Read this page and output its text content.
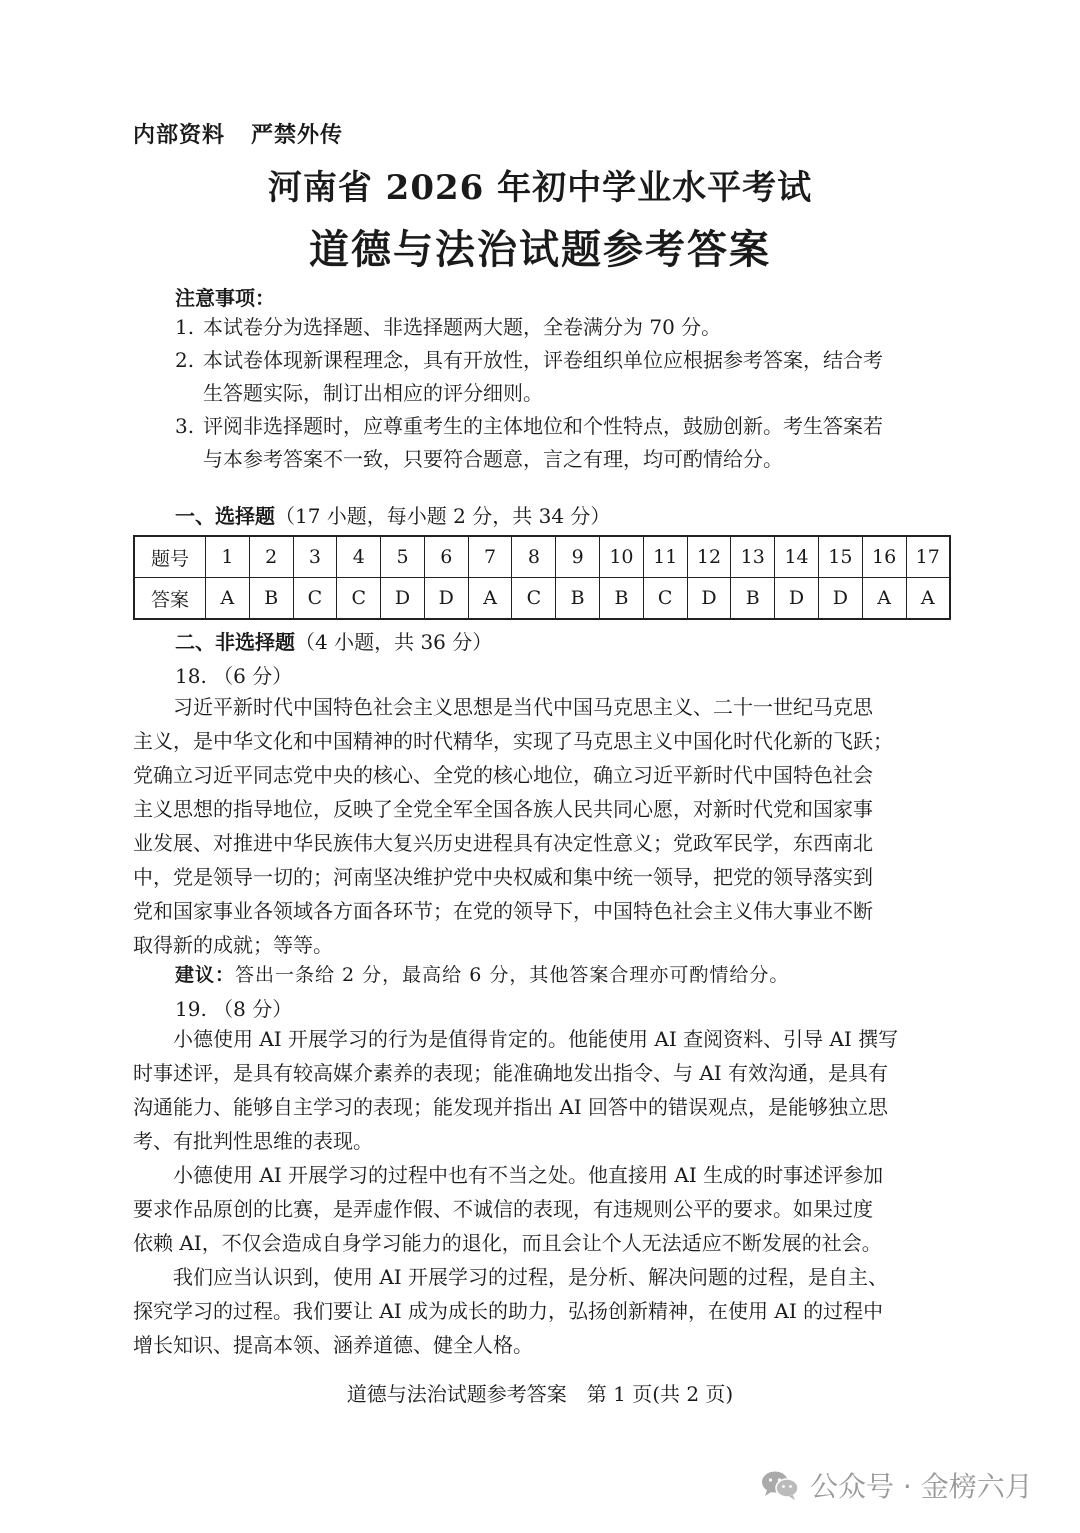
内部资料 严禁外传
河南省 2026 年初中学业水平考试
道德与法治试题参考答案
注意事项：
1. 本试卷分为选择题、非选择题两大题，全卷满分为 70 分。
2. 本试卷体现新课程理念，具有开放性，评卷组织单位应根据参考答案，结合考
生答题实际，制订出相应的评分细则。
3. 评阅非选择题时，应尊重考生的主体地位和个性特点，鼓励创新。考生答案若
与本参考答案不一致，只要符合题意，言之有理，均可酌情给分。
一、选择题（17 小题，每小题 2 分，共 34 分）
题号	1	2	3	4	5	6	7	8	9	10	11	12	13	14	15	16	17
答案	A	B	C	C	D	D	A	C	B	B	C	D	B	D	D	A	A
二、非选择题（4 小题，共 36 分）
18. （6 分）
习近平新时代中国特色社会主义思想是当代中国马克思主义、二十一世纪马克思
主义，是中华文化和中国精神的时代精华，实现了马克思主义中国化时代化新的飞跃；
党确立习近平同志党中央的核心、全党的核心地位，确立习近平新时代中国特色社会
主义思想的指导地位，反映了全党全军全国各族人民共同心愿，对新时代党和国家事
业发展、对推进中华民族伟大复兴历史进程具有决定性意义；党政军民学，东西南北
中，党是领导一切的；河南坚决维护党中央权威和集中统一领导，把党的领导落实到
党和国家事业各领域各方面各环节；在党的领导下，中国特色社会主义伟大事业不断
取得新的成就；等等。
建议：答出一条给 2 分，最高给 6 分，其他答案合理亦可酌情给分。
19. （8 分）
小德使用 AI 开展学习的行为是值得肯定的。他能使用 AI 查阅资料、引导 AI 撰写
时事述评，是具有较高媒介素养的表现；能准确地发出指令、与 AI 有效沟通，是具有
沟通能力、能够自主学习的表现；能发现并指出 AI 回答中的错误观点，是能够独立思
考、有批判性思维的表现。
小德使用 AI 开展学习的过程中也有不当之处。他直接用 AI 生成的时事述评参加
要求作品原创的比赛，是弄虚作假、不诚信的表现，有违规则公平的要求。如果过度
依赖 AI，不仅会造成自身学习能力的退化，而且会让个人无法适应不断发展的社会。
我们应当认识到，使用 AI 开展学习的过程，是分析、解决问题的过程，是自主、
探究学习的过程。我们要让 AI 成为成长的助力，弘扬创新精神，在使用 AI 的过程中
增长知识、提高本领、涵养道德、健全人格。
道德与法治试题参考答案　第 1 页(共 2 页)
公众号 · 金榜六月
